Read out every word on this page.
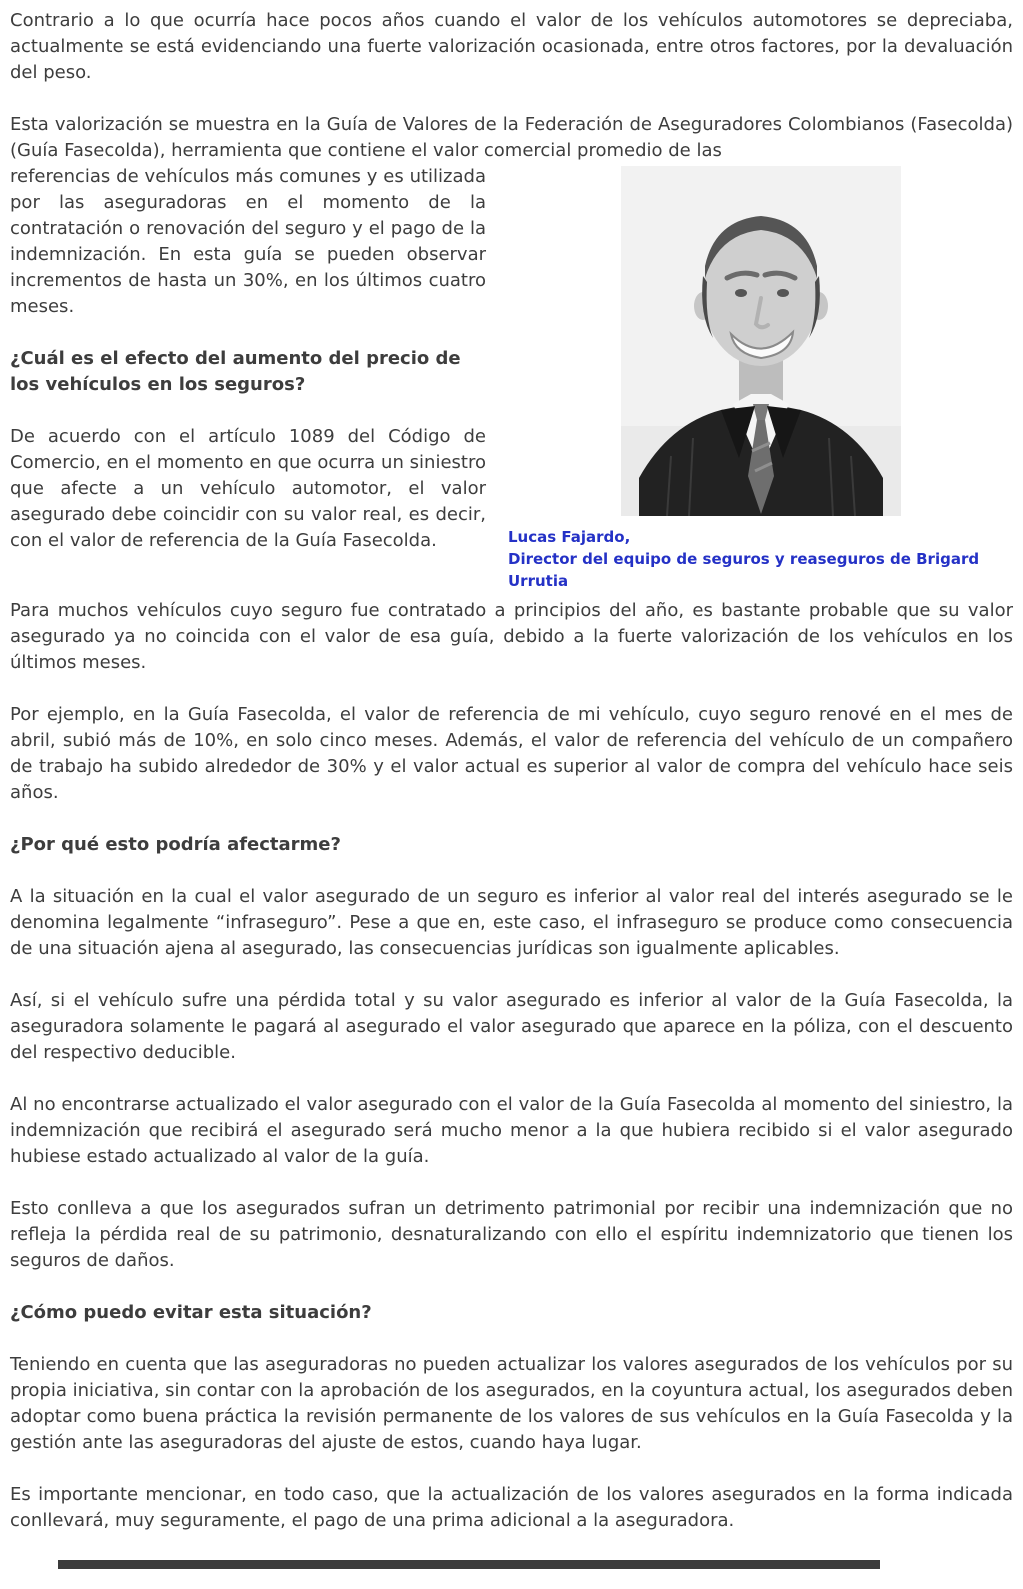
Contrario a lo que ocurría hace pocos años cuando el valor de los vehículos automotores se depreciaba, actualmente se está evidenciando una fuerte valorización ocasionada, entre otros factores, por la devaluación del peso.

Esta valorización se muestra en la Guía de Valores de la Federación de Aseguradores Colombianos (Fasecolda) (Guía Fasecolda), herramienta que contiene el valor comercial promedio de las

Lucas Fajardo,
Director del equipo de seguros y reaseguros de Brigard Urrutia

referencias de vehículos más comunes y es utilizada por las aseguradoras en el momento de la contratación o renovación del seguro y el pago de la indemnización. En esta guía se pueden observar incrementos de hasta un 30%, en los últimos cuatro meses.

¿Cuál es el efecto del aumento del precio de los vehículos en los seguros?

De acuerdo con el artículo 1089 del Código de Comercio, en el momento en que ocurra un siniestro que afecte a un vehículo automotor, el valor asegurado debe coincidir con su valor real, es decir, con el valor de referencia de la Guía Fasecolda.

Para muchos vehículos cuyo seguro fue contratado a principios del año, es bastante probable que su valor asegurado ya no coincida con el valor de esa guía, debido a la fuerte valorización de los vehículos en los últimos meses.

Por ejemplo, en la Guía Fasecolda, el valor de referencia de mi vehículo, cuyo seguro renové en el mes de abril, subió más de 10%, en solo cinco meses. Además, el valor de referencia del vehículo de un compañero de trabajo ha subido alrededor de 30% y el valor actual es superior al valor de compra del vehículo hace seis años.

¿Por qué esto podría afectarme?

A la situación en la cual el valor asegurado de un seguro es inferior al valor real del interés asegurado se le denomina legalmente “infraseguro”. Pese a que en, este caso, el infraseguro se produce como consecuencia de una situación ajena al asegurado, las consecuencias jurídicas son igualmente aplicables.

Así, si el vehículo sufre una pérdida total y su valor asegurado es inferior al valor de la Guía Fasecolda, la aseguradora solamente le pagará al asegurado el valor asegurado que aparece en la póliza, con el descuento del respectivo deducible.

Al no encontrarse actualizado el valor asegurado con el valor de la Guía Fasecolda al momento del siniestro, la indemnización que recibirá el asegurado será mucho menor a la que hubiera recibido si el valor asegurado hubiese estado actualizado al valor de la guía.

Esto conlleva a que los asegurados sufran un detrimento patrimonial por recibir una indemnización que no refleja la pérdida real de su patrimonio, desnaturalizando con ello el espíritu indemnizatorio que tienen los seguros de daños.

¿Cómo puedo evitar esta situación?

Teniendo en cuenta que las aseguradoras no pueden actualizar los valores asegurados de los vehículos por su propia iniciativa, sin contar con la aprobación de los asegurados, en la coyuntura actual, los asegurados deben adoptar como buena práctica la revisión permanente de los valores de sus vehículos en la Guía Fasecolda y la gestión ante las aseguradoras del ajuste de estos, cuando haya lugar.

Es importante mencionar, en todo caso, que la actualización de los valores asegurados en la forma indicada conllevará, muy seguramente, el pago de una prima adicional a la aseguradora.
